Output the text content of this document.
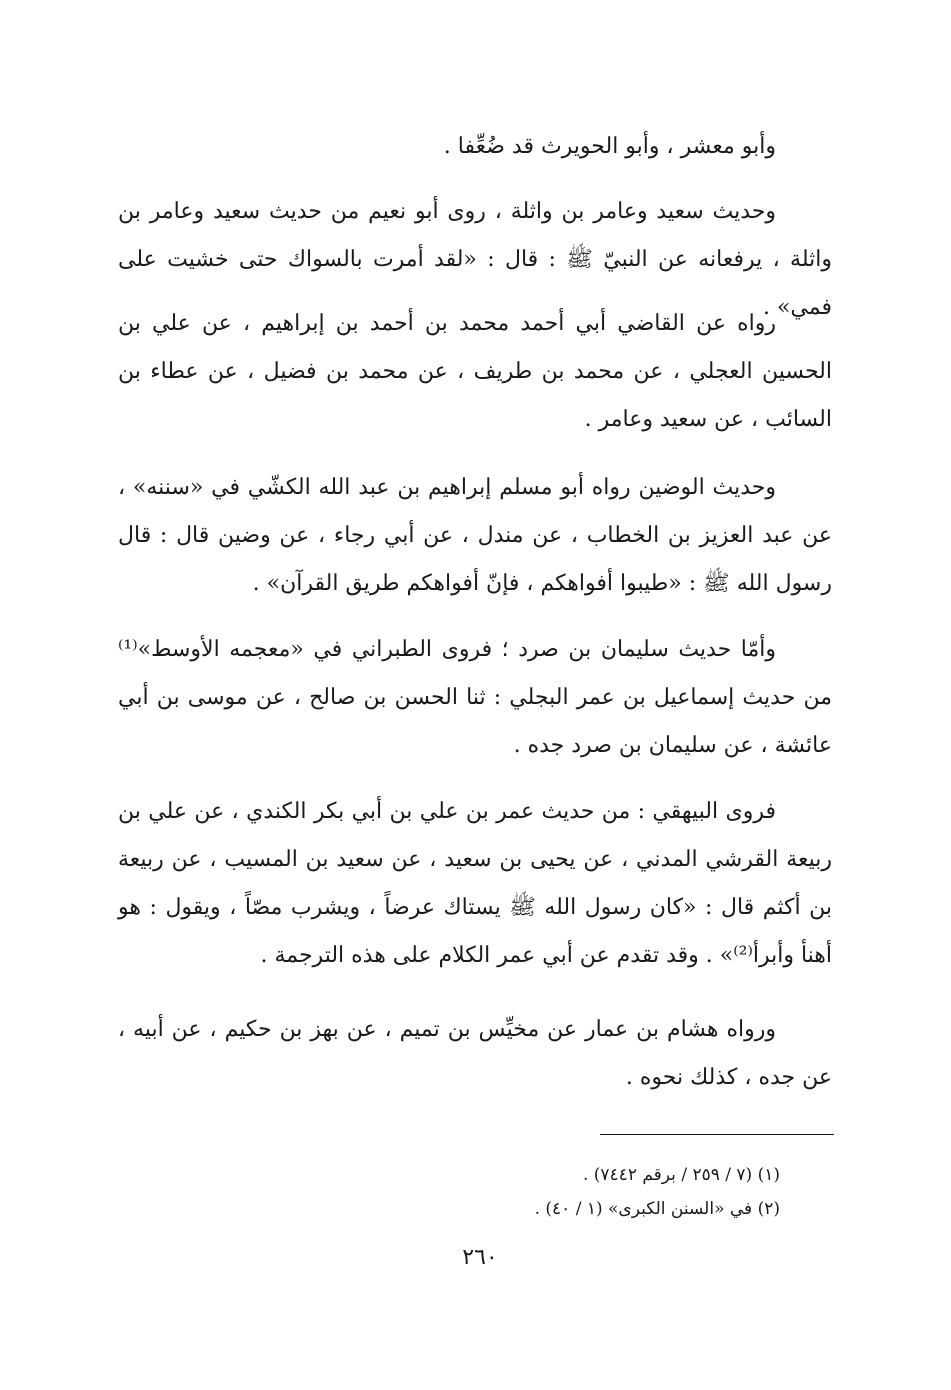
وأبو معشر ، وأبو الحويرث قد ضُعِّفا .

وحديث سعيد وعامر بن واثلة ، روى أبو نعيم من حديث سعيد وعامر بن واثلة ، يرفعانه عن النبيّ ﷺ : قال : «لقد أمرت بالسواك حتى خشيت على فمي» .

رواه عن القاضي أبي أحمد محمد بن أحمد بن إبراهيم ، عن علي بن الحسين العجلي ، عن محمد بن طريف ، عن محمد بن فضيل ، عن عطاء بن السائب ، عن سعيد وعامر .

وحديث الوضين رواه أبو مسلم إبراهيم بن عبد الله الكشّي في «سننه» ، عن عبد العزيز بن الخطاب ، عن مندل ، عن أبي رجاء ، عن وضين قال : قال رسول الله ﷺ : «طيبوا أفواهكم ، فإنّ أفواهكم طريق القرآن» .

وأمّا حديث سليمان بن صرد ؛ فروى الطبراني في «معجمه الأوسط»⁽¹⁾ من حديث إسماعيل بن عمر البجلي : ثنا الحسن بن صالح ، عن موسى بن أبي عائشة ، عن سليمان بن صرد جده .

فروى البيهقي : من حديث عمر بن علي بن أبي بكر الكندي ، عن علي بن ربيعة القرشي المدني ، عن يحيى بن سعيد ، عن سعيد بن المسيب ، عن ربيعة بن أكثم قال : «كان رسول الله ﷺ يستاك عرضاً ، ويشرب مصّاً ، ويقول : هو أهنأ وأبرأ⁽²⁾» . وقد تقدم عن أبي عمر الكلام على هذه الترجمة .

ورواه هشام بن عمار عن مخيِّس بن تميم ، عن بهز بن حكيم ، عن أبيه ، عن جده ، كذلك نحوه .

(١) (٧ / ٢٥٩ / برقم ٧٤٤٢) .

(٢) في «السنن الكبرى» (١ / ٤٠) .

٢٦٠
